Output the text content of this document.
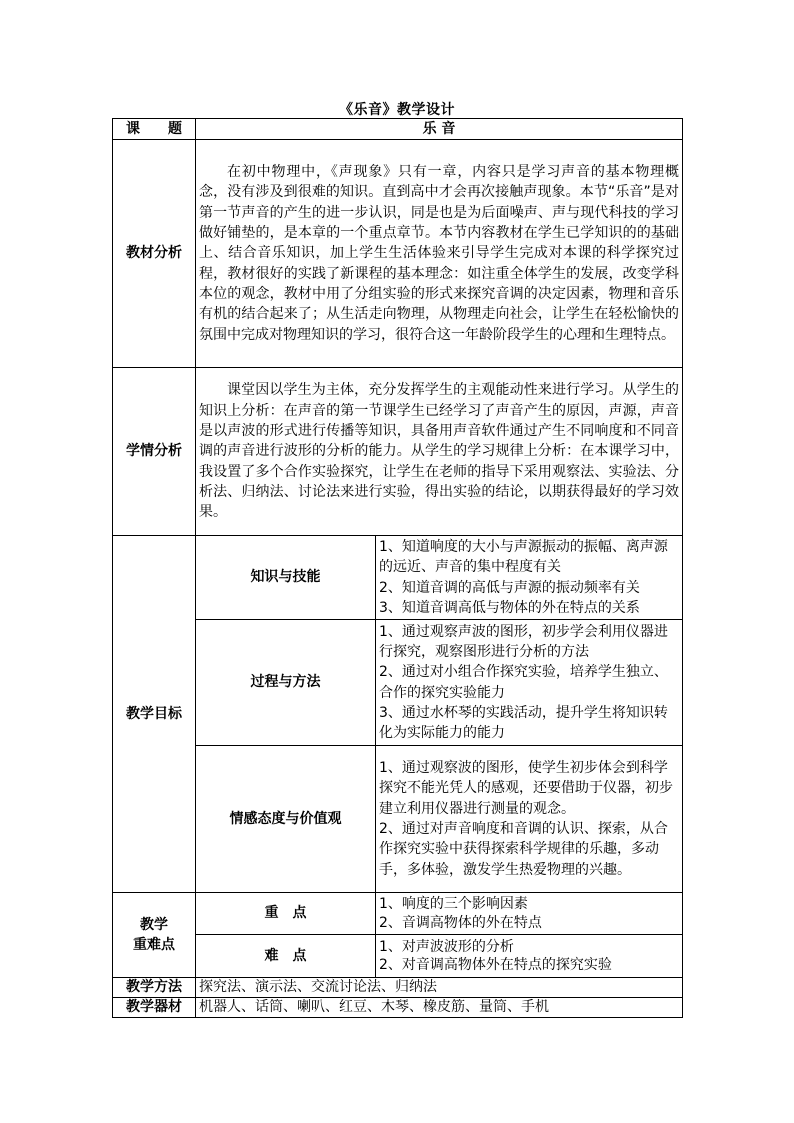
《乐音》教学设计
课　　题	乐 音	
教材分析	在初中物理中，《声现象》只有一章，内容只是学习声音的基本物理概念，没有涉及到很难的知识。直到高中才会再次接触声现象。本节“乐音”是对第一节声音的产生的进一步认识，同是也是为后面噪声、声与现代科技的学习做好铺垫的，是本章的一个重点章节。本节内容教材在学生已学知识的的基础上、结合音乐知识，加上学生生活体验来引导学生完成对本课的科学探究过程，教材很好的实践了新课程的基本理念：如注重全体学生的发展，改变学科本位的观念，教材中用了分组实验的形式来探究音调的决定因素，物理和音乐有机的结合起来了；从生活走向物理，从物理走向社会，让学生在轻松愉快的氛围中完成对物理知识的学习，很符合这一年龄阶段学生的心理和生理特点。	
学情分析	课堂因以学生为主体，充分发挥学生的主观能动性来进行学习。从学生的知识上分析：在声音的第一节课学生已经学习了声音产生的原因，声源，声音是以声波的形式进行传播等知识，具备用声音软件通过产生不同响度和不同音调的声音进行波形的分析的能力。从学生的学习规律上分析：在本课学习中，我设置了多个合作实验探究，让学生在老师的指导下采用观察法、实验法、分析法、归纳法、讨论法来进行实验，得出实验的结论，以期获得最好的学习效果。	
教学目标	知识与技能	1、知道响度的大小与声源振动的振幅、离声源的远近、声音的集中程度有关
2、知道音调的高低与声源的振动频率有关
3、知道音调高低与物体的外在特点的关系

	过程与方法	1、通过观察声波的图形，初步学会利用仪器进行探究，观察图形进行分析的方法
2、通过对小组合作探究实验，培养学生独立、合作的探究实验能力
3、通过水杯琴的实践活动，提升学生将知识转化为实际能力的能力

	情感态度与价值观	1、通过观察波的图形，使学生初步体会到科学探究不能光凭人的感观，还要借助于仪器，初步建立利用仪器进行测量的观念。
2、通过对声音响度和音调的认识、探索，从合作探究实验中获得探索科学规律的乐趣，多动手，多体验，激发学生热爱物理的兴趣。

教学
重难点	重　点	1、响度的三个影响因素
2、音调高物体的外在特点

	难　点	1、对声波波形的分析
2、对音调高物体外在特点的探究实验

教学方法	探究法、演示法、交流讨论法、归纳法	
教学器材	机器人、话筒、喇叭、红豆、木琴、橡皮筋、量筒、手机	
